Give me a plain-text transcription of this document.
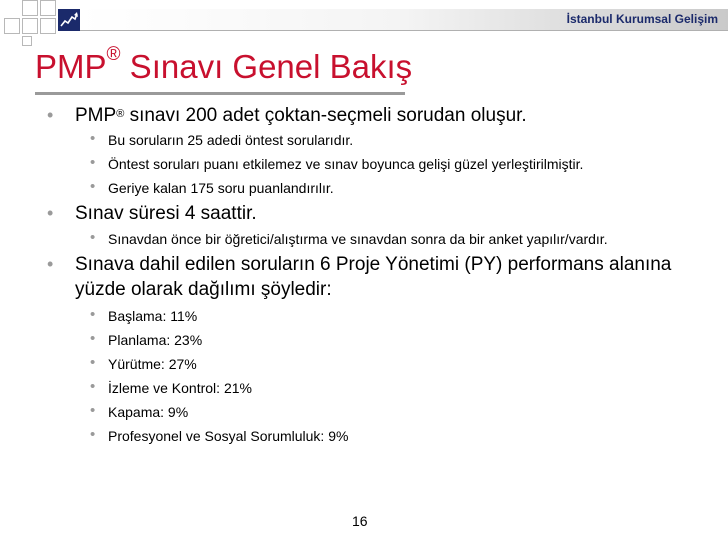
İstanbul Kurumsal Gelişim
PMP® Sınavı Genel Bakış
• PMP® sınavı 200 adet çoktan-seçmeli sorudan oluşur.
• Bu soruların 25 adedi öntest sorularıdır.
• Öntest soruları puanı etkilemez ve sınav boyunca gelişi güzel yerleştirilmiştir.
• Geriye kalan 175 soru puanlandırılır.
• Sınav süresi 4 saattir.
• Sınavdan önce bir öğretici/alıştırma ve sınavdan sonra da bir anket yapılır/vardır.
• Sınava dahil edilen soruların 6 Proje Yönetimi (PY) performans alanına
yüzde olarak dağılımı şöyledir:
• Başlama: 11%
• Planlama: 23%
• Yürütme: 27%
• İzleme ve Kontrol: 21%
• Kapama: 9%
• Profesyonel ve Sosyal Sorumluluk: 9%
16
